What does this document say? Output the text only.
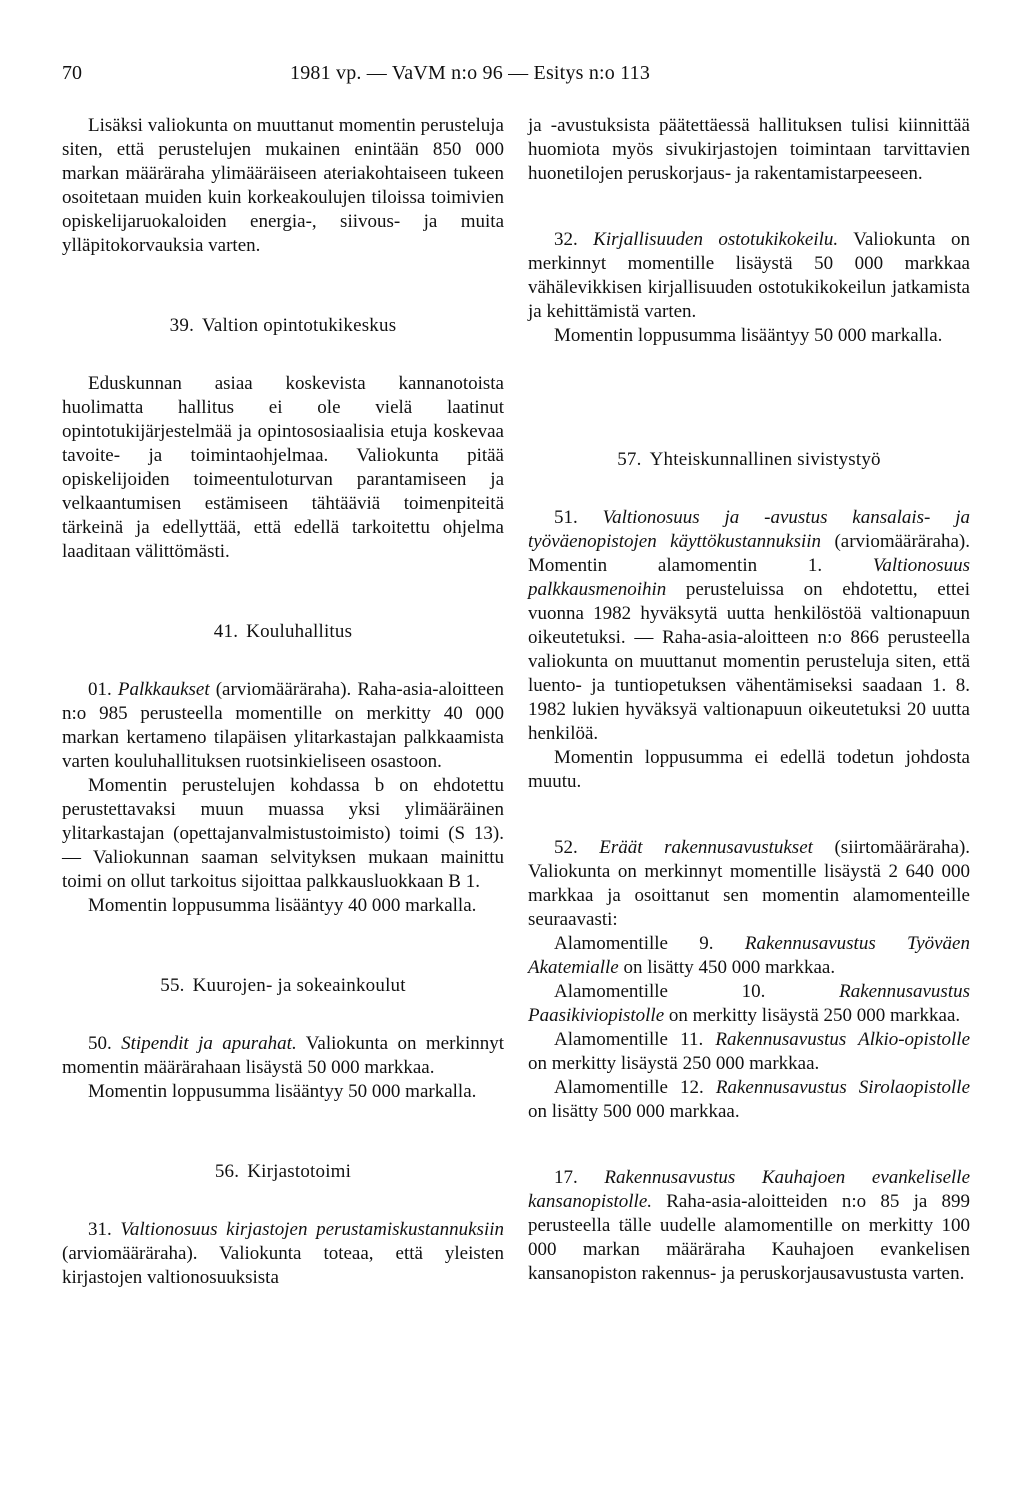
70	1981 vp. — VaVM n:o 96 — Esitys n:o 113

Lisäksi valiokunta on muuttanut momentin perusteluja siten, että perustelujen mukainen enintään 850 000 markan määräraha ylimääräiseen ateriakohtaiseen tukeen osoitetaan muiden kuin korkeakoulujen tiloissa toimivien opiskelijaruokaloiden energia-, siivous- ja muita ylläpitokorvauksia varten.

39. Valtion opintotukikeskus

Eduskunnan asiaa koskevista kannanotoista huolimatta hallitus ei ole vielä laatinut opintotukijärjestelmää ja opintososiaalisia etuja koskevaa tavoite- ja toimintaohjelmaa. Valiokunta pitää opiskelijoiden toimeentuloturvan parantamiseen ja velkaantumisen estämiseen tähtääviä toimenpiteitä tärkeinä ja edellyttää, että edellä tarkoitettu ohjelma laaditaan välittömästi.

41. Kouluhallitus

01. Palkkaukset (arviomääräraha). Raha-asia-aloitteen n:o 985 perusteella momentille on merkitty 40 000 markan kertameno tilapäisen ylitarkastajan palkkaamista varten kouluhallituksen ruotsinkieliseen osastoon.

Momentin perustelujen kohdassa b on ehdotettu perustettavaksi muun muassa yksi ylimääräinen ylitarkastajan (opettajanvalmistustoimisto) toimi (S 13). — Valiokunnan saaman selvityksen mukaan mainittu toimi on ollut tarkoitus sijoittaa palkkausluokkaan B 1.

Momentin loppusumma lisääntyy 40 000 markalla.

55. Kuurojen- ja sokeainkoulut

50. Stipendit ja apurahat. Valiokunta on merkinnyt momentin määrärahaan lisäystä 50 000 markkaa.

Momentin loppusumma lisääntyy 50 000 markalla.

56. Kirjastotoimi

31. Valtionosuus kirjastojen perustamiskustannuksiin (arviomääräraha). Valiokunta toteaa, että yleisten kirjastojen valtionosuuksista

ja -avustuksista päätettäessä hallituksen tulisi kiinnittää huomiota myös sivukirjastojen toimintaan tarvittavien huonetilojen peruskorjaus- ja rakentamistarpeeseen.

32. Kirjallisuuden ostotukikokeilu. Valiokunta on merkinnyt momentille lisäystä 50 000 markkaa vähälevikkisen kirjallisuuden ostotukikokeilun jatkamista ja kehittämistä varten.

Momentin loppusumma lisääntyy 50 000 markalla.

57. Yhteiskunnallinen sivistystyö

51. Valtionosuus ja -avustus kansalais- ja työväenopistojen käyttökustannuksiin (arviomääräraha). Momentin alamomentin 1.	Valtionosuus palkkausmenoihin perusteluissa on ehdotettu, ettei vuonna 1982 hyväksytä uutta henkilöstöä valtionapuun oikeutetuksi. — Raha-asia-aloitteen n:o 866 perusteella valiokunta on muuttanut momentin perusteluja siten, että luento- ja tuntiopetuksen vähentämiseksi saadaan 1. 8. 1982 lukien hyväksyä valtionapuun oikeutetuksi 20 uutta henkilöä.

Momentin loppusumma ei edellä todetun johdosta muutu.

52. Eräät rakennusavustukset (siirtomääräraha). Valiokunta on merkinnyt momentille lisäystä 2 640 000 markkaa ja osoittanut sen momentin alamomenteille seuraavasti:

Alamomentille 9. Rakennusavustus Työväen Akatemialle on lisätty 450 000 markkaa.

Alamomentille 10.	Rakennusavustus Paasikiviopistolle on merkitty lisäystä 250 000 markkaa.

Alamomentille 11. Rakennusavustus Alkio-opistolle on merkitty lisäystä 250 000 markkaa.

Alamomentille 12. Rakennusavustus Sirolaopistolle on lisätty 500 000 markkaa.

17. Rakennusavustus Kauhajoen evankeliselle kansanopistolle. Raha-asia-aloitteiden n:o 85 ja 899 perusteella tälle uudelle alamomentille on merkitty 100 000 markan määräraha Kauhajoen evankelisen kansanopiston rakennus- ja peruskorjausavustusta varten.
